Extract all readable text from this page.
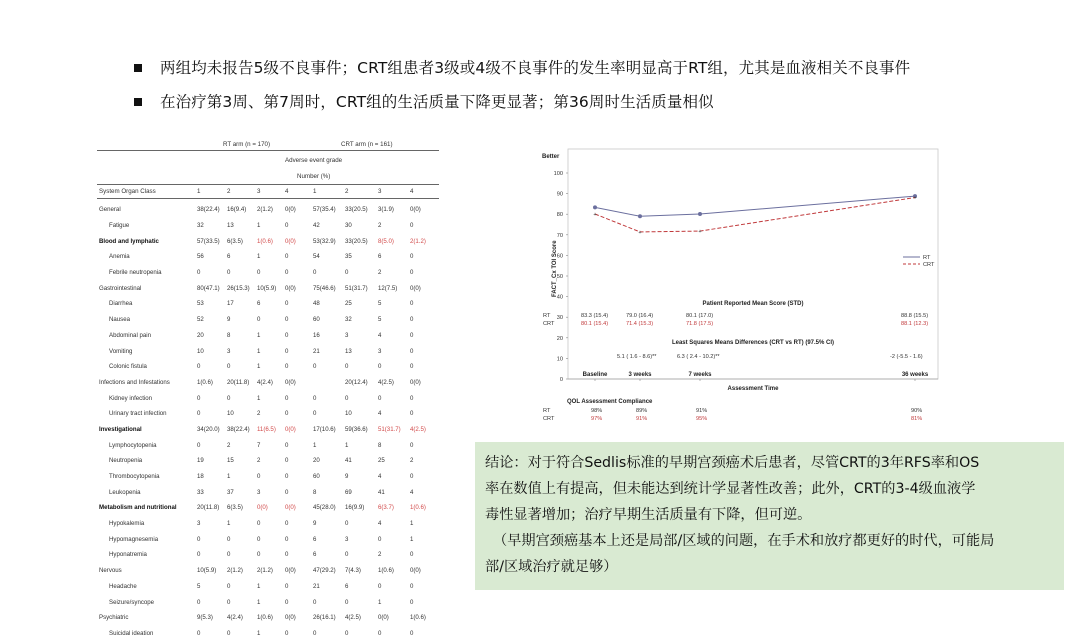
两组均未报告5级不良事件；CRT组患者3级或4级不良事件的发生率明显高于RT组，尤其是血液相关不良事件
在治疗第3周、第7周时，CRT组的生活质量下降更显著；第36周时生活质量相似
RT arm (n = 170)	CRT arm (n = 161)
Adverse event grade
Number (%)
System Organ Class	1	2	3	4	1	2	3	4
General	38(22.4)	16(9.4)	2(1.2)	0(0)	57(35.4)	33(20.5)	3(1.9)	0(0)
Fatigue	32	13	1	0	42	30	2	0
Blood and lymphatic	57(33.5)	6(3.5)	1(0.6)	0(0)	53(32.9)	33(20.5)	8(5.0)	2(1.2)
Anemia	56	6	1	0	54	35	6	0
Febrile neutropenia	0	0	0	0	0	0	2	0
Gastrointestinal	80(47.1)	26(15.3)	10(5.9)	0(0)	75(46.6)	51(31.7)	12(7.5)	0(0)
Diarrhea	53	17	6	0	48	25	5	0
Nausea	52	9	0	0	60	32	5	0
Abdominal pain	20	8	1	0	16	3	4	0
Vomiting	10	3	1	0	21	13	3	0
Colonic fistula	0	0	1	0	0	0	0	0
Infections and Infestations	1(0.6)	20(11.8)	4(2.4)	0(0)		20(12.4)	4(2.5)	0(0)
Kidney infection	0	0	1	0	0	0	0	0
Urinary tract infection	0	10	2	0	0	10	4	0
Investigational	34(20.0)	38(22.4)	11(6.5)	0(0)	17(10.6)	59(36.6)	51(31.7)	4(2.5)
Lymphocytopenia	0	2	7	0	1	1	8	0
Neutropenia	19	15	2	0	20	41	25	2
Thrombocytopenia	18	1	0	0	60	9	4	0
Leukopenia	33	37	3	0	8	69	41	4
Metabolism and nutritional	20(11.8)	6(3.5)	0(0)	0(0)	45(28.0)	16(9.9)	6(3.7)	1(0.6)
Hypokalemia	3	1	0	0	9	0	4	1
Hypomagnesemia	0	0	0	0	6	3	0	1
Hyponatremia	0	0	0	0	6	0	2	0
Nervous	10(5.9)	2(1.2)	2(1.2)	0(0)	47(29.2)	7(4.3)	1(0.6)	0(0)
Headache	5	0	1	0	21	6	0	0
Seizure/syncope	0	0	1	0	0	0	1	0
Psychiatric	9(5.3)	4(2.4)	1(0.6)	0(0)	26(16.1)	4(2.5)	0(0)	1(0.6)
Suicidal ideation	0	0	1	0	0	0	0	0
Better
0
10
20
30
40
50
60
70
80
90
100
FACT_Cx TOI Score
+
+	+
+
RT
CRT
Patient Reported Mean Score (STD)
RT	83.3 (15.4)	79.0 (16.4)	80.1 (17.0)	88.8 (15.5)
CRT	80.1 (15.4)	71.4 (15.3)	71.8 (17.5)	88.1 (12.3)
Least Squares Means Differences (CRT vs RT) (97.5% CI)
5.1 ( 1.6 - 8.6)**	6.3 ( 2.4 - 10.2)**	-2 (-5.5 - 1.6)
Baseline	3 weeks	7 weeks	36 weeks
Assessment Time
QOL Assessment Compliance
RT	98%	89%	91%	90%
CRT	97%	91%	95%	81%

结论：对于符合Sedlis标准的早期宫颈癌术后患者，尽管CRT的3年RFS率和OS

率在数值上有提高，但未能达到统计学显著性改善；此外，CRT的3-4级血液学

毒性显著增加；治疗早期生活质量有下降，但可逆。

（早期宫颈癌基本上还是局部/区域的问题，在手术和放疗都更好的时代，可能局

部/区域治疗就足够）
